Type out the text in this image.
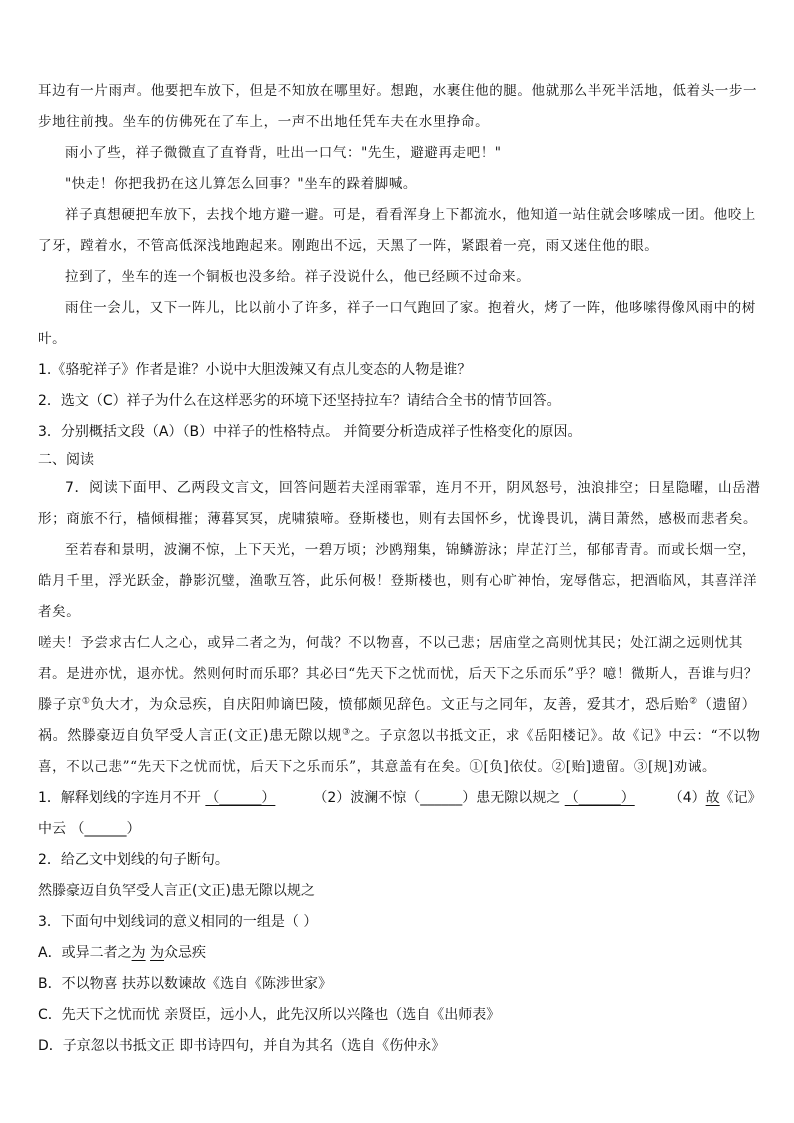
耳边有一片雨声。他要把车放下，但是不知放在哪里好。想跑，水裹住他的腿。他就那么半死半活地，低着头一步一步地往前拽。坐车的仿佛死在了车上，一声不出地任凭车夫在水里挣命。

雨小了些，祥子微微直了直脊背，吐出一口气："先生，避避再走吧！"

"快走！你把我扔在这儿算怎么回事？"坐车的跺着脚喊。

祥子真想硬把车放下，去找个地方避一避。可是，看看浑身上下都流水，他知道一站住就会哆嗦成一团。他咬上了牙，蹚着水，不管高低深浅地跑起来。刚跑出不远，天黑了一阵，紧跟着一亮，雨又迷住他的眼。

拉到了，坐车的连一个铜板也没多给。祥子没说什么，他已经顾不过命来。

雨住一会儿，又下一阵儿，比以前小了许多，祥子一口气跑回了家。抱着火，烤了一阵，他哆嗦得像风雨中的树叶。

1.《骆驼祥子》作者是谁？小说中大胆泼辣又有点儿变态的人物是谁？

2．选文（C）祥子为什么在这样恶劣的环境下还坚持拉车？请结合全书的情节回答。

3．分别概括文段（A）（B）中祥子的性格特点。 并简要分析造成祥子性格变化的原因。

二、阅读

7．阅读下面甲、乙两段文言文，回答问题若夫淫雨霏霏，连月不开，阴风怒号，浊浪排空；日星隐曜，山岳潜形；商旅不行，樯倾楫摧；薄暮冥冥，虎啸猿啼。登斯楼也，则有去国怀乡，忧谗畏讥，满目萧然，感极而悲者矣。

至若春和景明，波澜不惊，上下天光，一碧万顷；沙鸥翔集，锦鳞游泳；岸芷汀兰，郁郁青青。而或长烟一空，皓月千里，浮光跃金，静影沉璧，渔歌互答，此乐何极！登斯楼也，则有心旷神怡，宠辱偕忘，把酒临风，其喜洋洋者矣。

嗟夫！予尝求古仁人之心，或异二者之为，何哉？不以物喜，不以己悲；居庙堂之高则忧其民；处江湖之远则忧其君。是进亦忧，退亦忧。然则何时而乐耶？其必曰“先天下之忧而忧，后天下之乐而乐”乎？噫！微斯人，吾谁与归？滕子京①负大才，为众忌疾，自庆阳帅谪巴陵，愤郁颇见辞色。文正与之同年，友善，爱其才，恐后贻②（遗留）祸。然滕豪迈自负罕受人言正(文正)患无隙以规③之。子京忽以书抵文正，求《岳阳楼记》。故《记》中云：“不以物喜，不以己悲”“先天下之忧而忧，后天下之乐而乐”，其意盖有在矣。①[负]依仗。②[贻]遗留。③[规]劝诫。

1．解释划线的字连月不开 （______）	（2）波澜不惊（______）患无隙以规之 （______） （4）故《记》

中云 （______）

2．给乙文中划线的句子断句。

然滕豪迈自负罕受人言正(文正)患无隙以规之

3．下面句中划线词的意义相同的一组是（ ）

A．或异二者之为 为众忌疾

B．不以物喜 扶苏以数谏故《选自《陈涉世家》

C．先天下之忧而忧 亲贤臣，远小人，此先汉所以兴隆也（选自《出师表》

D．子京忽以书抵文正 即书诗四句，并自为其名（选自《伤仲永》
